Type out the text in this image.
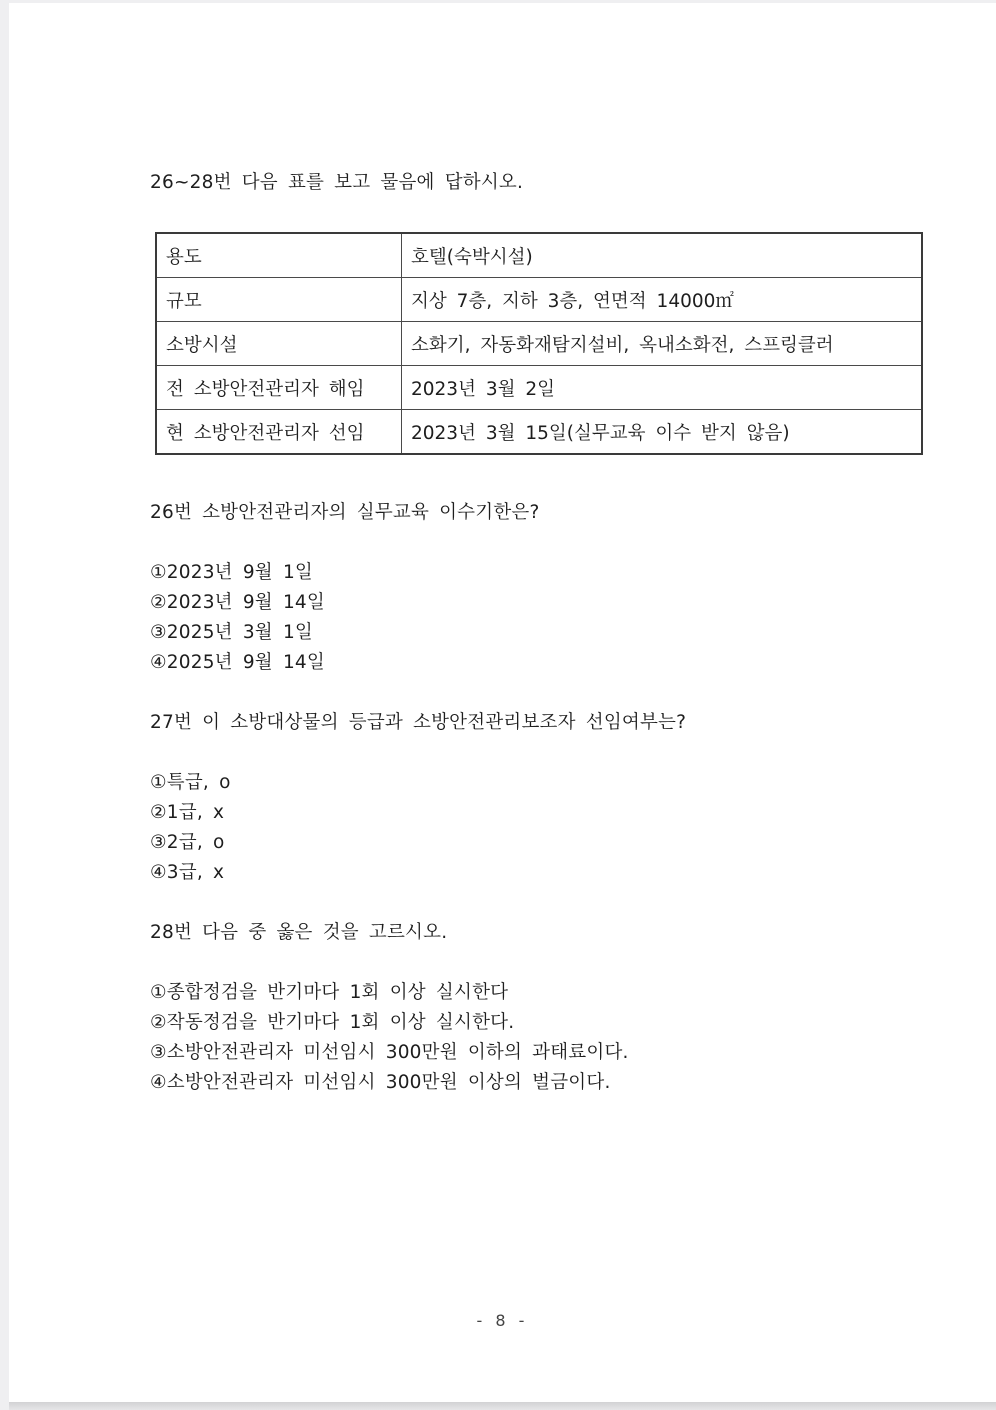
26~28번 다음 표를 보고 물음에 답하시오.
용도	호텔(숙박시설)
규모	지상 7층, 지하 3층, 연면적 14000㎡
소방시설	소화기, 자동화재탐지설비, 옥내소화전, 스프링클러
전 소방안전관리자 해임	2023년 3월 2일
현 소방안전관리자 선임	2023년 3월 15일(실무교육 이수 받지 않음)
26번 소방안전관리자의 실무교육 이수기한은?
①2023년 9월 1일
②2023년 9월 14일
③2025년 3월 1일
④2025년 9월 14일
27번 이 소방대상물의 등급과 소방안전관리보조자 선임여부는?
①특급, o
②1급, x
③2급, o
④3급, x
28번 다음 중 옳은 것을 고르시오.
①종합정검을 반기마다 1회 이상 실시한다
②작동정검을 반기마다 1회 이상 실시한다.
③소방안전관리자 미선임시 300만원 이하의 과태료이다.
④소방안전관리자 미선임시 300만원 이상의 벌금이다.
- 8 -
